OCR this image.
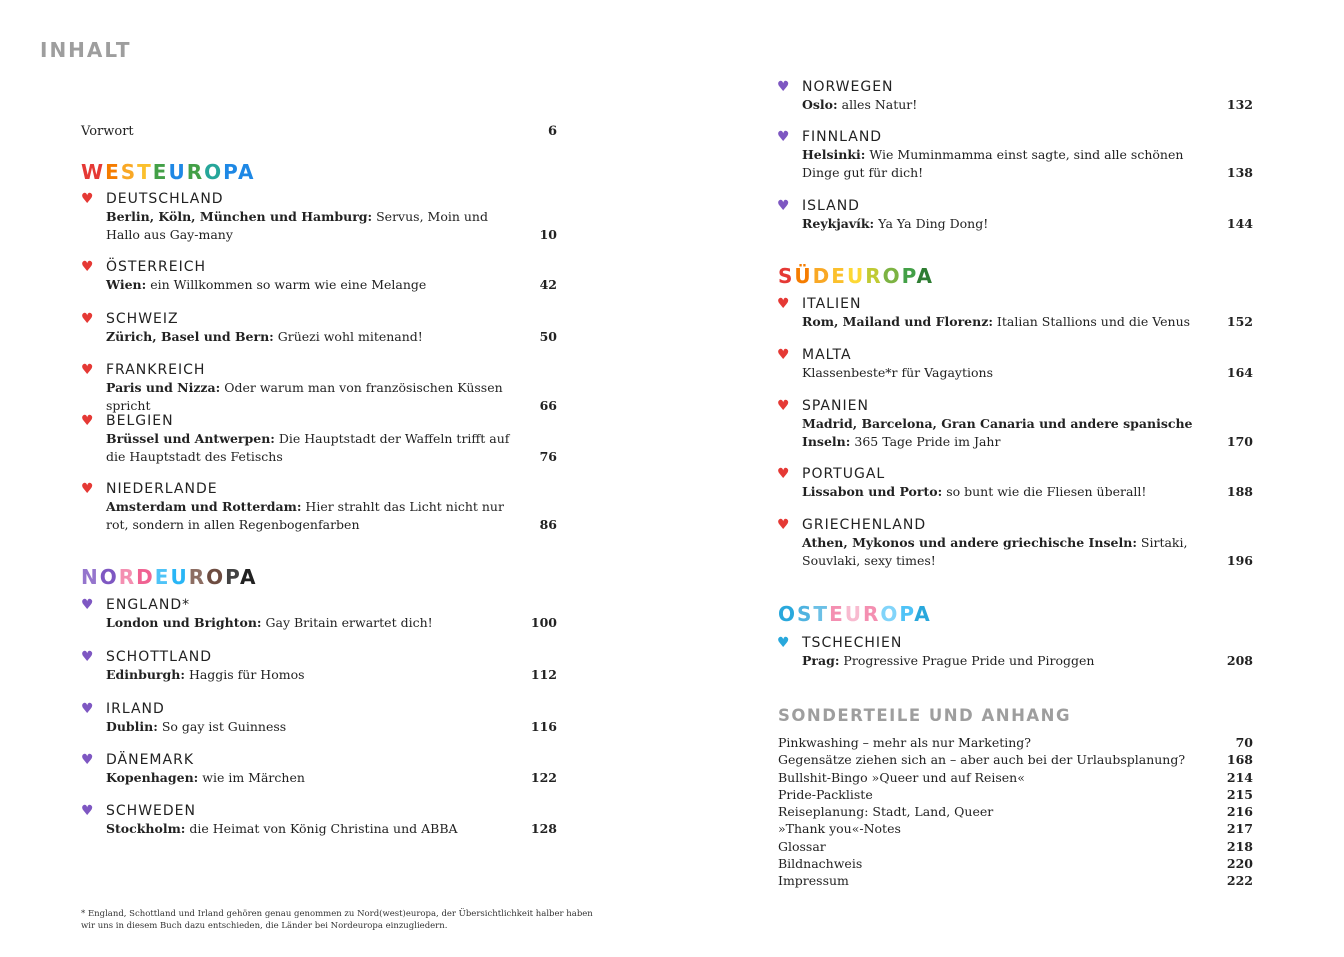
INHALT
Vorwort	6
* England, Schottland und Irland gehören genau genommen zu Nord(west)europa, der Übersichtlichkeit halber haben wir uns in diesem Buch dazu entschieden, die Länder bei Nordeuropa einzugliedern.
SONDERTEILE UND ANHANG
Pinkwashing – mehr als nur Marketing?	70
Gegensätze ziehen sich an – aber auch bei der Urlaubsplanung?	168
Bullshit-Bingo »Queer und auf Reisen«	214
Pride-Packliste	215
Reiseplanung: Stadt, Land, Queer	216
»Thank you«-Notes	217
Glossar	218
Bildnachweis	220
Impressum	222
WESTEUROPA
♥ DEUTSCHLAND
Berlin, Köln, München und Hamburg: Servus, Moin und Hallo aus Gay-many	10
♥ ÖSTERREICH
Wien: ein Willkommen so warm wie eine Melange	42
♥ SCHWEIZ
Zürich, Basel und Bern: Grüezi wohl mitenand!	50
♥ FRANKREICH
Paris und Nizza: Oder warum man von französischen Küssen spricht	66
♥ BELGIEN
Brüssel und Antwerpen: Die Hauptstadt der Waffeln trifft auf die Hauptstadt des Fetischs	76
♥ NIEDERLANDE
Amsterdam und Rotterdam: Hier strahlt das Licht nicht nur rot, sondern in allen Regenbogenfarben	86
NORDEUROPA
♥ ENGLAND*
London und Brighton: Gay Britain erwartet dich!	100
♥ SCHOTTLAND
Edinburgh: Haggis für Homos	112
♥ IRLAND
Dublin: So gay ist Guinness	116
♥ DÄNEMARK
Kopenhagen: wie im Märchen	122
♥ SCHWEDEN
Stockholm: die Heimat von König Christina und ABBA	128
♥ NORWEGEN
Oslo: alles Natur!	132
♥ FINNLAND
Helsinki: Wie Muminmamma einst sagte, sind alle schönen Dinge gut für dich!	138
♥ ISLAND
Reykjavík: Ya Ya Ding Dong!	144
SÜDEUROPA
♥ ITALIEN
Rom, Mailand und Florenz: Italian Stallions und die Venus	152
♥ MALTA
Klassenbeste*r für Vagaytions	164
♥ SPANIEN
Madrid, Barcelona, Gran Canaria und andere spanische Inseln: 365 Tage Pride im Jahr	170
♥ PORTUGAL
Lissabon und Porto: so bunt wie die Fliesen überall!	188
♥ GRIECHENLAND
Athen, Mykonos und andere griechische Inseln: Sirtaki, Souvlaki, sexy times!	196
OSTEUROPA
♥ TSCHECHIEN
Prag: Progressive Prague Pride und Piroggen	208
